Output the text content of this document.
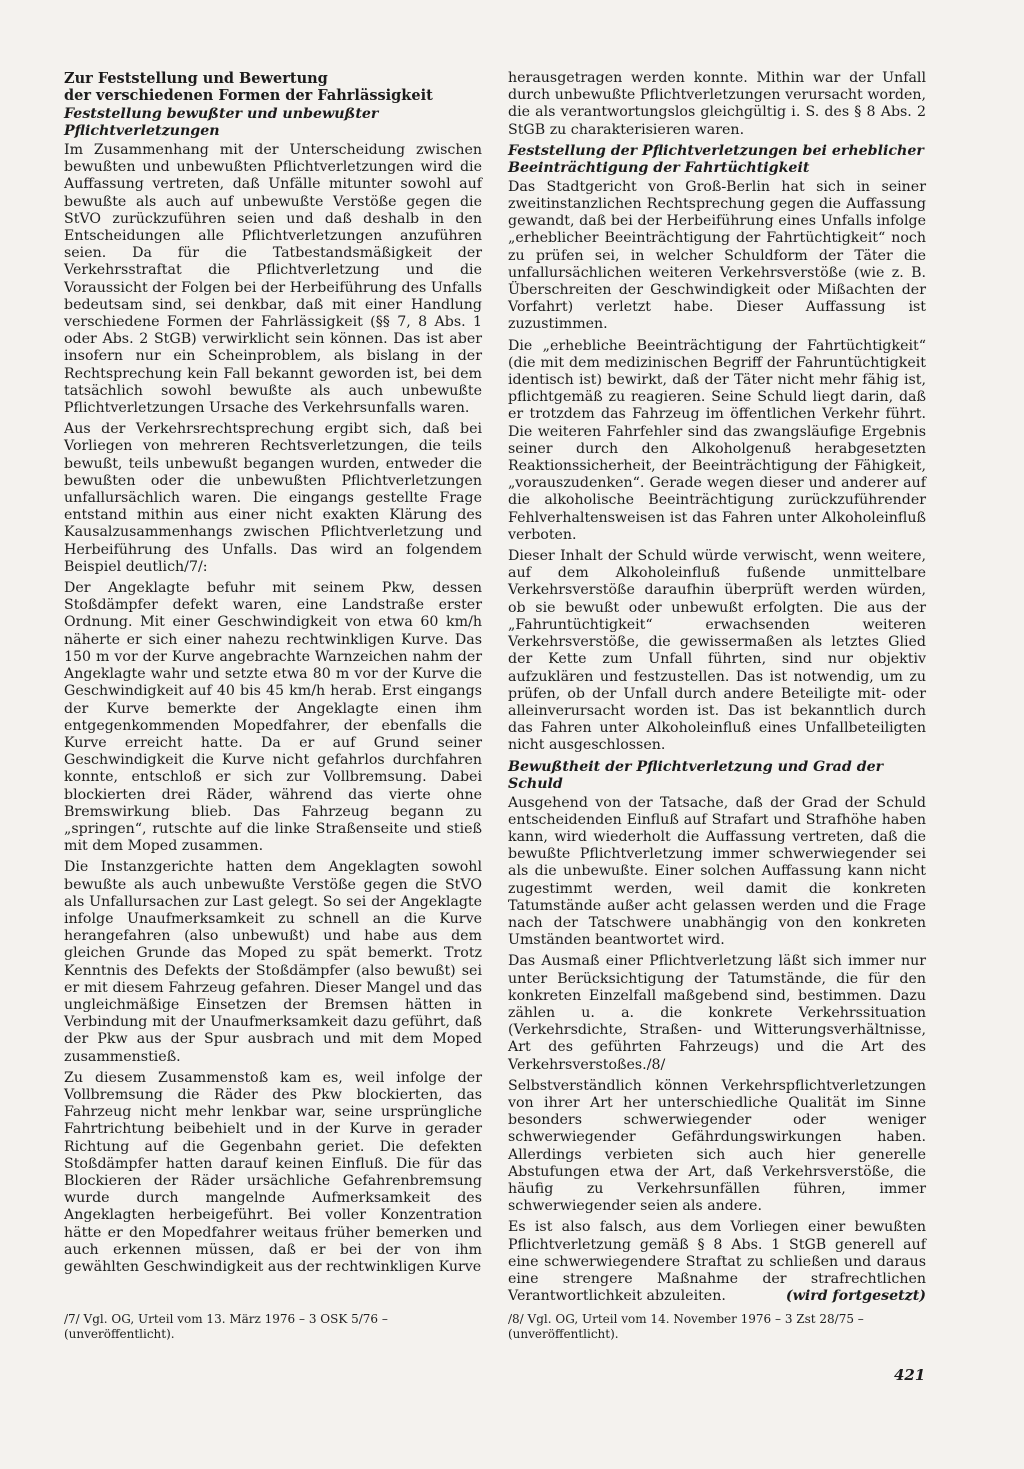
Zur Feststellung und Bewertung
der verschiedenen Formen der Fahrlässigkeit
Feststellung bewußter und unbewußter
Pflichtverletzungen

Im Zusammenhang mit der Unterscheidung zwischen bewußten und unbewußten Pflichtverletzungen wird die Auffassung vertreten, daß Unfälle mitunter sowohl auf bewußte als auch auf unbewußte Verstöße gegen die StVO zurückzuführen seien und daß deshalb in den Entscheidungen alle Pflichtverletzungen anzuführen seien. Da für die Tatbestandsmäßigkeit der Verkehrsstraftat die Pflichtverletzung und die Voraussicht der Folgen bei der Herbeiführung des Unfalls bedeutsam sind, sei denkbar, daß mit einer Handlung verschiedene Formen der Fahrlässigkeit (§§ 7, 8 Abs. 1 oder Abs. 2 StGB) verwirklicht sein können. Das ist aber insofern nur ein Scheinproblem, als bislang in der Rechtsprechung kein Fall bekannt geworden ist, bei dem tatsächlich sowohl bewußte als auch unbewußte Pflichtverletzungen Ursache des Verkehrsunfalls waren.

Aus der Verkehrsrechtsprechung ergibt sich, daß bei Vorliegen von mehreren Rechtsverletzungen, die teils bewußt, teils unbewußt begangen wurden, entweder die bewußten oder die unbewußten Pflichtverletzungen unfallursächlich waren. Die eingangs gestellte Frage entstand mithin aus einer nicht exakten Klärung des Kausalzusammenhangs zwischen Pflichtverletzung und Herbeiführung des Unfalls. Das wird an folgendem Beispiel deutlich/7/:

Der Angeklagte befuhr mit seinem Pkw, dessen Stoßdämpfer defekt waren, eine Landstraße erster Ordnung. Mit einer Geschwindigkeit von etwa 60 km/h näherte er sich einer nahezu rechtwinkligen Kurve. Das 150 m vor der Kurve angebrachte Warnzeichen nahm der Angeklagte wahr und setzte etwa 80 m vor der Kurve die Geschwindigkeit auf 40 bis 45 km/h herab. Erst eingangs der Kurve bemerkte der Angeklagte einen ihm entgegenkommenden Mopedfahrer, der ebenfalls die Kurve erreicht hatte. Da er auf Grund seiner Geschwindigkeit die Kurve nicht gefahrlos durchfahren konnte, entschloß er sich zur Vollbremsung. Dabei blockierten drei Räder, während das vierte ohne Bremswirkung blieb. Das Fahrzeug begann zu „springen“, rutschte auf die linke Straßenseite und stieß mit dem Moped zusammen.

Die Instanzgerichte hatten dem Angeklagten sowohl bewußte als auch unbewußte Verstöße gegen die StVO als Unfallursachen zur Last gelegt. So sei der Angeklagte infolge Unaufmerksamkeit zu schnell an die Kurve herangefahren (also unbewußt) und habe aus dem gleichen Grunde das Moped zu spät bemerkt. Trotz Kenntnis des Defekts der Stoßdämpfer (also bewußt) sei er mit diesem Fahrzeug gefahren. Dieser Mangel und das ungleichmäßige Einsetzen der Bremsen hätten in Verbindung mit der Unaufmerksamkeit dazu geführt, daß der Pkw aus der Spur ausbrach und mit dem Moped zusammenstieß.

Zu diesem Zusammenstoß kam es, weil infolge der Vollbremsung die Räder des Pkw blockierten, das Fahrzeug nicht mehr lenkbar war, seine ursprüngliche Fahrtrichtung beibehielt und in der Kurve in gerader Richtung auf die Gegenbahn geriet. Die defekten Stoßdämpfer hatten darauf keinen Einfluß. Die für das Blockieren der Räder ursächliche Gefahrenbremsung wurde durch mangelnde Aufmerksamkeit des Angeklagten herbeigeführt. Bei voller Konzentration hätte er den Mopedfahrer weitaus früher bemerken und auch erkennen müssen, daß er bei der von ihm gewählten Geschwindigkeit aus der rechtwinkligen Kurve

/7/ Vgl. OG, Urteil vom 13. März 1976 – 3 OSK 5/76 – (unveröffentlicht).

herausgetragen werden konnte. Mithin war der Unfall durch unbewußte Pflichtverletzungen verursacht worden, die als verantwortungslos gleichgültig i. S. des § 8 Abs. 2 StGB zu charakterisieren waren.

Feststellung der Pflichtverletzungen bei erheblicher
Beeinträchtigung der Fahrtüchtigkeit

Das Stadtgericht von Groß-Berlin hat sich in seiner zweitinstanzlichen Rechtsprechung gegen die Auffassung gewandt, daß bei der Herbeiführung eines Unfalls infolge „erheblicher Beeinträchtigung der Fahrtüchtigkeit“ noch zu prüfen sei, in welcher Schuldform der Täter die unfallursächlichen weiteren Verkehrsverstöße (wie z. B. Überschreiten der Geschwindigkeit oder Mißachten der Vorfahrt) verletzt habe. Dieser Auffassung ist zuzustimmen.

Die „erhebliche Beeinträchtigung der Fahrtüchtigkeit“ (die mit dem medizinischen Begriff der Fahruntüchtigkeit identisch ist) bewirkt, daß der Täter nicht mehr fähig ist, pflichtgemäß zu reagieren. Seine Schuld liegt darin, daß er trotzdem das Fahrzeug im öffentlichen Verkehr führt. Die weiteren Fahrfehler sind das zwangsläufige Ergebnis seiner durch den Alkoholgenuß herabgesetzten Reaktionssicherheit, der Beeinträchtigung der Fähigkeit, „vorauszudenken“. Gerade wegen dieser und anderer auf die alkoholische Beeinträchtigung zurückzuführender Fehlverhaltensweisen ist das Fahren unter Alkoholeinfluß verboten.

Dieser Inhalt der Schuld würde verwischt, wenn weitere, auf dem Alkoholeinfluß fußende unmittelbare Verkehrsverstöße daraufhin überprüft werden würden, ob sie bewußt oder unbewußt erfolgten. Die aus der „Fahruntüchtigkeit“ erwachsenden weiteren Verkehrsverstöße, die gewissermaßen als letztes Glied der Kette zum Unfall führten, sind nur objektiv aufzuklären und festzustellen. Das ist notwendig, um zu prüfen, ob der Unfall durch andere Beteiligte mit- oder alleinverursacht worden ist. Das ist bekanntlich durch das Fahren unter Alkoholeinfluß eines Unfallbeteiligten nicht ausgeschlossen.

Bewußtheit der Pflichtverletzung und Grad der Schuld

Ausgehend von der Tatsache, daß der Grad der Schuld entscheidenden Einfluß auf Strafart und Strafhöhe haben kann, wird wiederholt die Auffassung vertreten, daß die bewußte Pflichtverletzung immer schwerwiegender sei als die unbewußte. Einer solchen Auffassung kann nicht zugestimmt werden, weil damit die konkreten Tatumstände außer acht gelassen werden und die Frage nach der Tatschwere unabhängig von den konkreten Umständen beantwortet wird.

Das Ausmaß einer Pflichtverletzung läßt sich immer nur unter Berücksichtigung der Tatumstände, die für den konkreten Einzelfall maßgebend sind, bestimmen. Dazu zählen u. a. die konkrete Verkehrssituation (Verkehrsdichte, Straßen- und Witterungsverhältnisse, Art des geführten Fahrzeugs) und die Art des Verkehrsverstoßes./8/

Selbstverständlich können Verkehrspflichtverletzungen von ihrer Art her unterschiedliche Qualität im Sinne besonders schwerwiegender oder weniger schwerwiegender Gefährdungswirkungen haben. Allerdings verbieten sich auch hier generelle Abstufungen etwa der Art, daß Verkehrsverstöße, die häufig zu Verkehrsunfällen führen, immer schwerwiegender seien als andere.

Es ist also falsch, aus dem Vorliegen einer bewußten Pflichtverletzung gemäß § 8 Abs. 1 StGB generell auf eine schwerwiegendere Straftat zu schließen und daraus eine strengere Maßnahme der strafrechtlichen Verantwortlichkeit abzuleiten.	(wird fortgesetzt)

/8/ Vgl. OG, Urteil vom 14. November 1976 – 3 Zst 28/75 – (unveröffentlicht).
421
